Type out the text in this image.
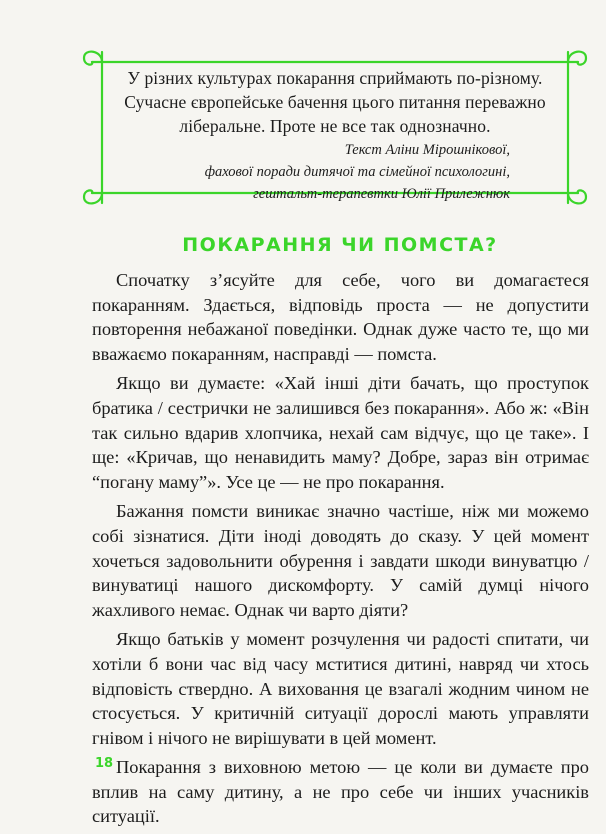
У різних культурах покарання сприймають по-різному.

Сучасне європейське бачення цього питання переважно

ліберальне. Проте не все так однозначно.

Текст Аліни Мірошнікової,
фахової поради дитячої та сімейної психологині,
гештальт-терапевтки Юлії Прилежнюк
ПОКАРАННЯ ЧИ ПОМСТА?

Спочатку з’ясуйте для себе, чого ви домагаєтеся покаранням. Здається, відповідь проста — не допустити повторення небажаної поведінки. Однак дуже часто те, що ми вважаємо покаранням, насправді — помста.

Якщо ви думаєте: «Хай інші діти бачать, що проступок братика / сестрички не залишився без покарання». Або ж: «Він так сильно вдарив хлопчика, нехай сам відчує, що це таке». І ще: «Кричав, що ненавидить маму? Добре, зараз він отримає “погану маму”». Усе це — не про покарання.

Бажання помсти виникає значно частіше, ніж ми можемо собі зізнатися. Діти іноді доводять до сказу. У цей момент хочеться задовольнити обурення і завдати шкоди винуватцю / винуватиці нашого дискомфорту. У самій думці нічого жахливого немає. Однак чи варто діяти?

Якщо батьків у момент розчулення чи радості спитати, чи хотіли б вони час від часу мститися дитині, навряд чи хтось відповість ствердно. А виховання це взагалі жодним чином не стосується. У критичній ситуації дорослі мають управляти гнівом і нічого не вирішувати в цей момент.

Покарання з виховною метою — це коли ви думаєте про вплив на саму дитину, а не про себе чи інших учасників ситуації.

18
